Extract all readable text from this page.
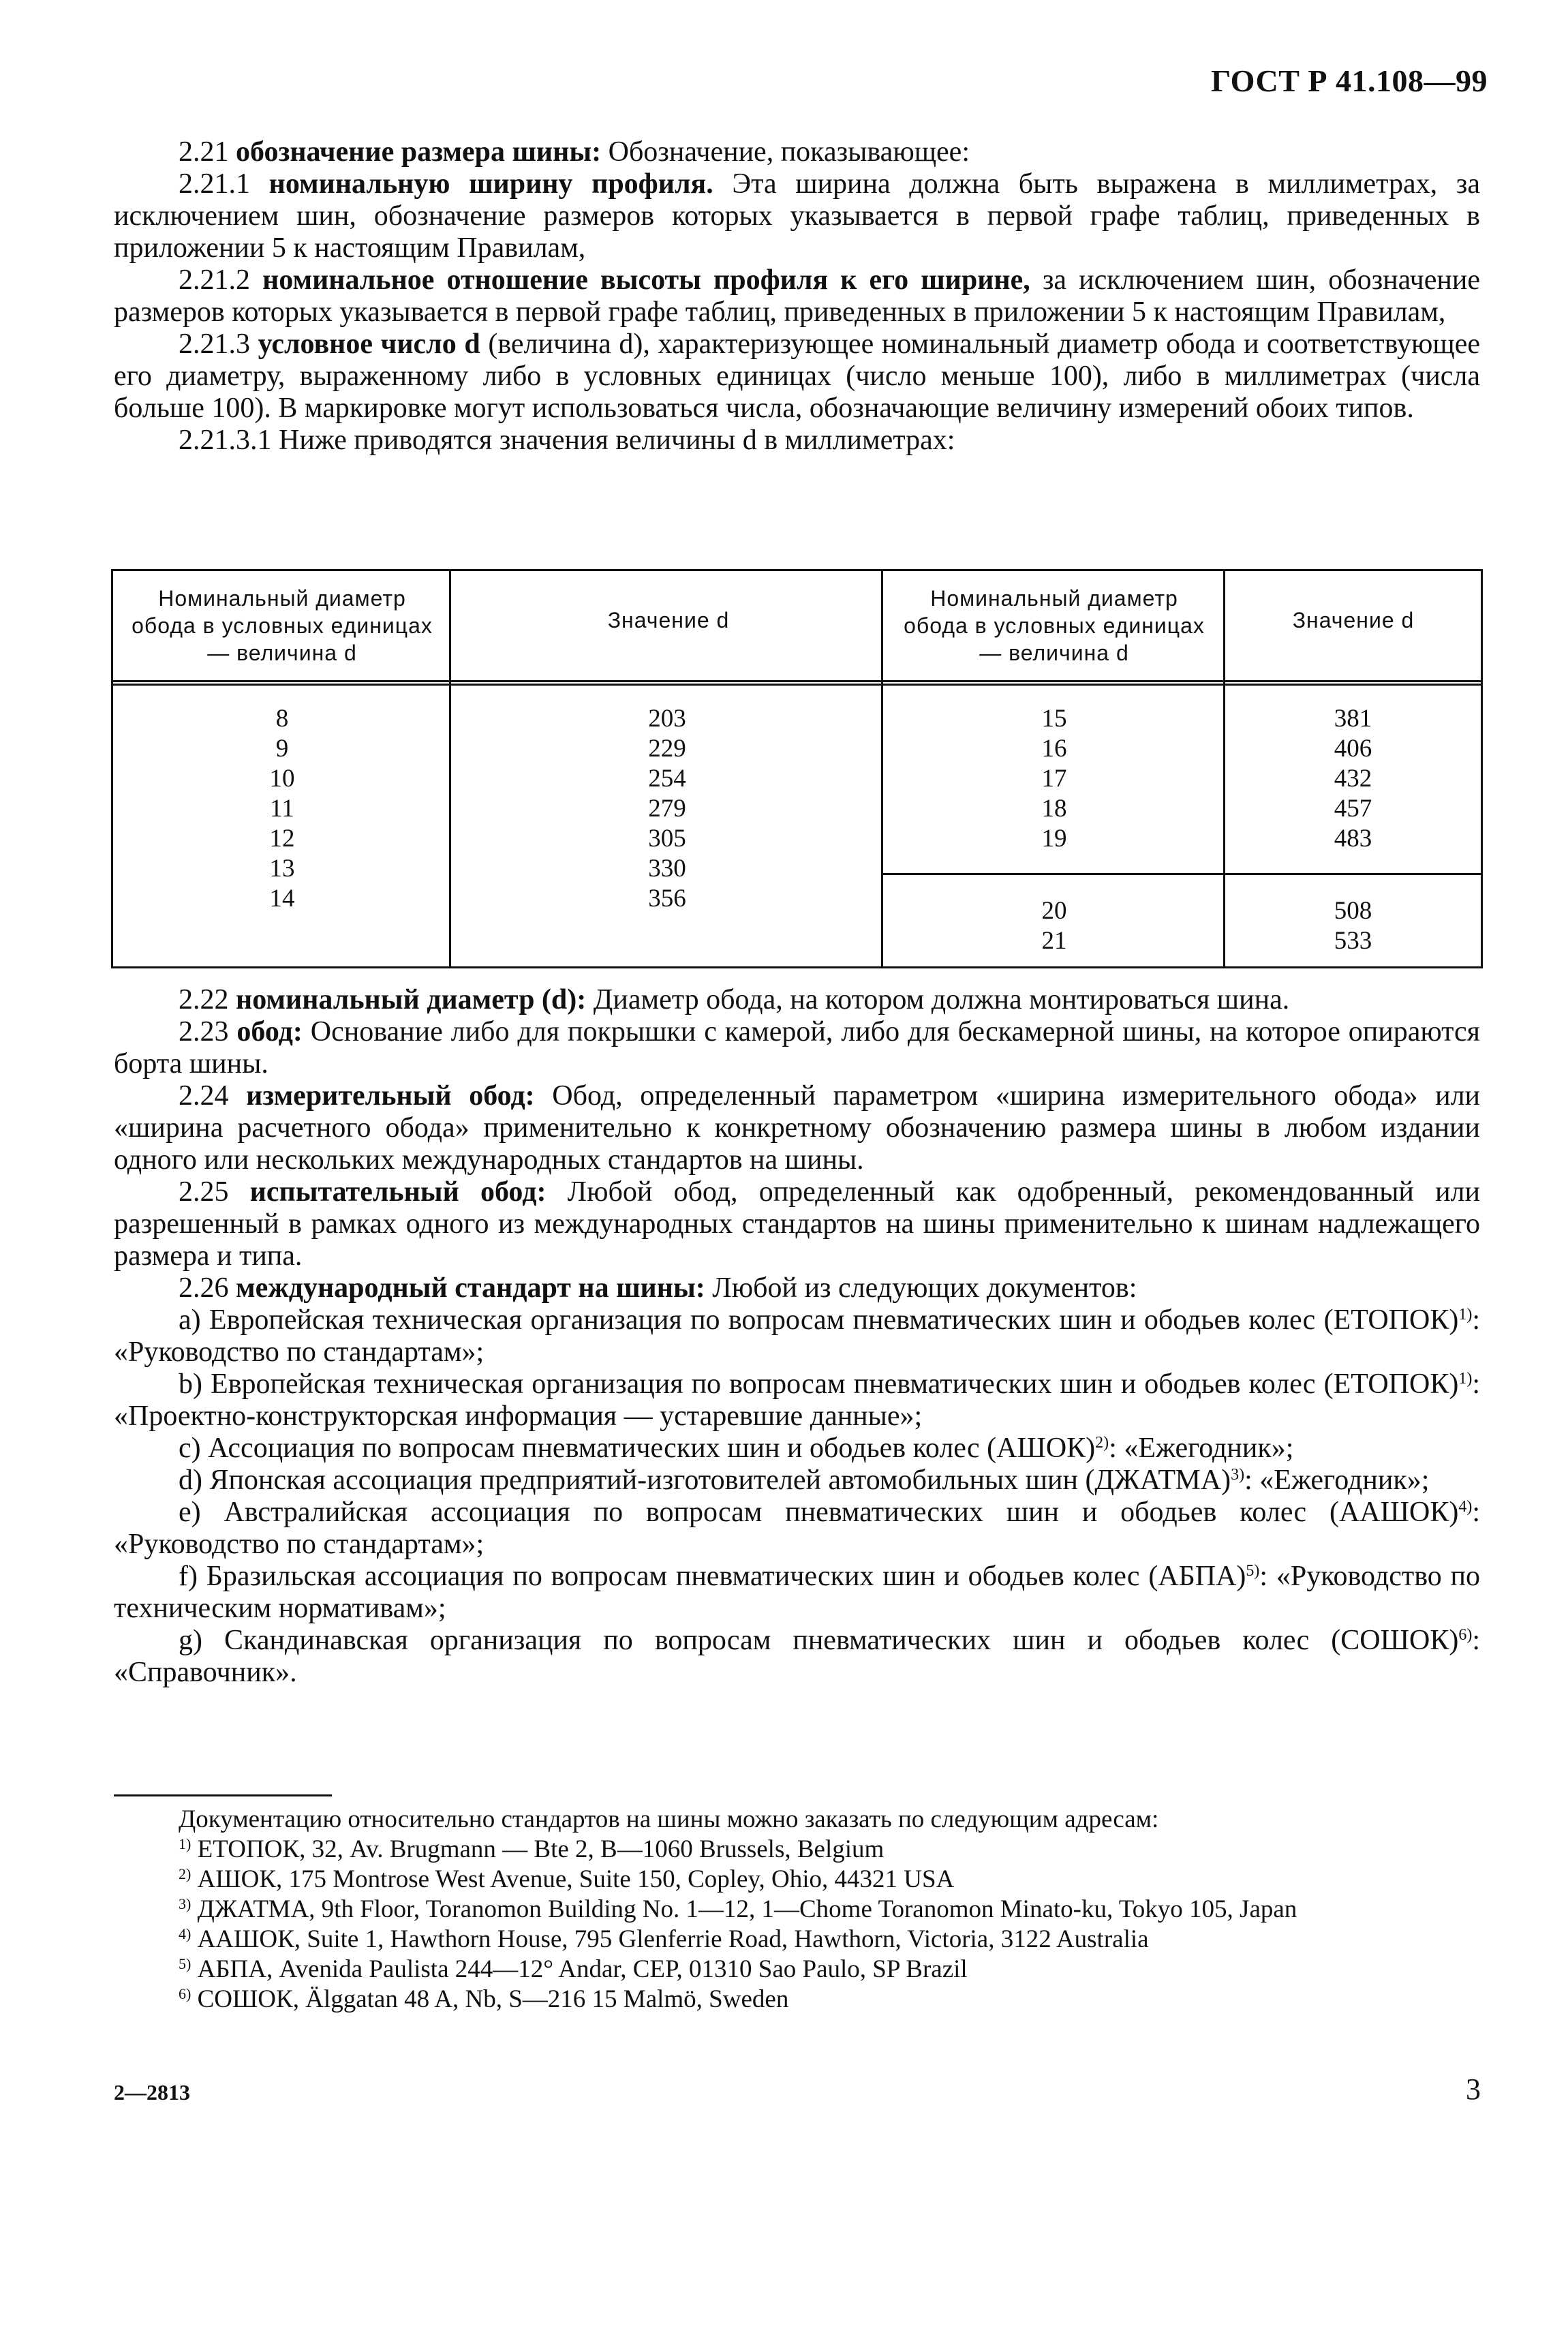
ГОСТ Р 41.108—99

2.21 обозначение размера шины: Обозначение, показывающее:

2.21.1 номинальную ширину профиля. Эта ширина должна быть выражена в миллиметрах, за исключением шин, обозначение размеров которых указывается в первой графе таблиц, приведенных в приложении 5 к настоящим Правилам,

2.21.2 номинальное отношение высоты профиля к его ширине, за исключением шин, обозначение размеров которых указывается в первой графе таблиц, приведенных в приложении 5 к настоящим Правилам,

2.21.3 условное число d (величина d), характеризующее номинальный диаметр обода и соответствующее его диаметру, выраженному либо в условных единицах (число меньше 100), либо в миллиметрах (числа больше 100). В маркировке могут использоваться числа, обозначающие величину измерений обоих типов.

2.21.3.1 Ниже приводятся значения величины d в миллиметрах:

Номинальный диаметр обода в условных единицах — величина d
Значение d
Номинальный диаметр обода в условных единицах — величина d
Значение d
8
9
10
11
12
13
14
203
229
254
279
305
330
356
15
16
17
18
19
381
406
432
457
483
20
21
508
533

2.22 номинальный диаметр (d): Диаметр обода, на котором должна монтироваться шина.

2.23 обод: Основание либо для покрышки с камерой, либо для бескамерной шины, на которое опираются борта шины.

2.24 измерительный обод: Обод, определенный параметром «ширина измерительного обода» или «ширина расчетного обода» применительно к конкретному обозначению размера шины в любом издании одного или нескольких международных стандартов на шины.

2.25 испытательный обод: Любой обод, определенный как одобренный, рекомендованный или разрешенный в рамках одного из международных стандартов на шины применительно к шинам надлежащего размера и типа.

2.26 международный стандарт на шины: Любой из следующих документов:

a) Европейская техническая организация по вопросам пневматических шин и ободьев колес (ЕТОПОК)$^{1)}$: «Руководство по стандартам»;

b) Европейская техническая организация по вопросам пневматических шин и ободьев колес (ЕТОПОК)$^{1)}$: «Проектно-конструкторская информация — устаревшие данные»;

c) Ассоциация по вопросам пневматических шин и ободьев колес (АШОК)$^{2)}$: «Ежегодник»;

d) Японская ассоциация предприятий-изготовителей автомобильных шин (ДЖАТМА)$^{3)}$: «Ежегодник»;

e) Австралийская ассоциация по вопросам пневматических шин и ободьев колес (ААШОК)$^{4)}$: «Руководство по стандартам»;

f) Бразильская ассоциация по вопросам пневматических шин и ободьев колес (АБПА)$^{5)}$: «Руководство по техническим нормативам»;

g) Скандинавская организация по вопросам пневматических шин и ободьев колес (СОШОК)$^{6)}$: «Справочник».

Документацию относительно стандартов на шины можно заказать по следующим адресам:
$^{1)}$ ЕТОПОК, 32, Av. Brugmann — Bte 2, B—1060 Brussels, Belgium
$^{2)}$ АШОК, 175 Montrose West Avenue, Suite 150, Copley, Ohio, 44321 USA
$^{3)}$ ДЖАТМА, 9th Floor, Toranomon Building No. 1—12, 1—Chome Toranomon Minato-ku, Tokyo 105, Japan
$^{4)}$ ААШОК, Suite 1, Hawthorn House, 795 Glenferrie Road, Hawthorn, Victoria, 3122 Australia
$^{5)}$ АБПА, Avenida Paulista 244—12° Andar, CEP, 01310 Sao Paulo, SP Brazil
$^{6)}$ СОШОК, Älggatan 48 A, Nb, S—216 15 Malmö, Sweden
2—2813	3
